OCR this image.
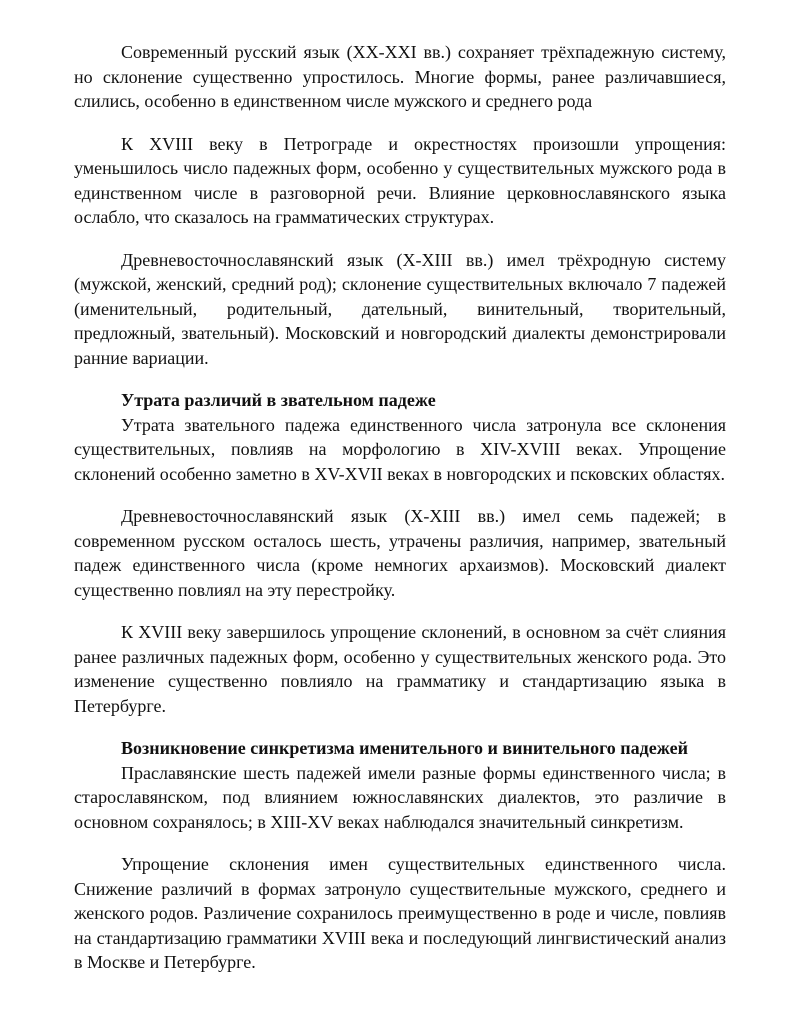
Современный русский язык (XX-XXI вв.) сохраняет трёхпадежную систему, но склонение существенно упростилось. Многие формы, ранее различавшиеся, слились, особенно в единственном числе мужского и среднего рода

К XVIII веку в Петрограде и окрестностях произошли упрощения: уменьшилось число падежных форм, особенно у существительных мужского рода в единственном числе в разговорной речи. Влияние церковнославянского языка ослабло, что сказалось на грамматических структурах.

Древневосточнославянский язык (X-XIII вв.) имел трёхродную систему (мужской, женский, средний род); склонение существительных включало 7 падежей (именительный, родительный, дательный, винительный, творительный, предложный, звательный). Московский и новгородский диалекты демонстрировали ранние вариации.

Утрата различий в звательном падеже

Утрата звательного падежа единственного числа затронула все склонения существительных, повлияв на морфологию в XIV-XVIII веках. Упрощение склонений особенно заметно в XV-XVII веках в новгородских и псковских областях.

Древневосточнославянский язык (X-XIII вв.) имел семь падежей; в современном русском осталось шесть, утрачены различия, например, звательный падеж единственного числа (кроме немногих архаизмов). Московский диалект существенно повлиял на эту перестройку.

К XVIII веку завершилось упрощение склонений, в основном за счёт слияния ранее различных падежных форм, особенно у существительных женского рода. Это изменение существенно повлияло на грамматику и стандартизацию языка в Петербурге.

Возникновение синкретизма именительного и винительного падежей

Праславянские шесть падежей имели разные формы единственного числа; в старославянском, под влиянием южнославянских диалектов, это различие в основном сохранялось; в XIII-XV веках наблюдался значительный синкретизм.

Упрощение склонения имен существительных единственного числа. Снижение различий в формах затронуло существительные мужского, среднего и женского родов. Различение сохранилось преимущественно в роде и числе, повлияв на стандартизацию грамматики XVIII века и последующий лингвистический анализ в Москве и Петербурге.
